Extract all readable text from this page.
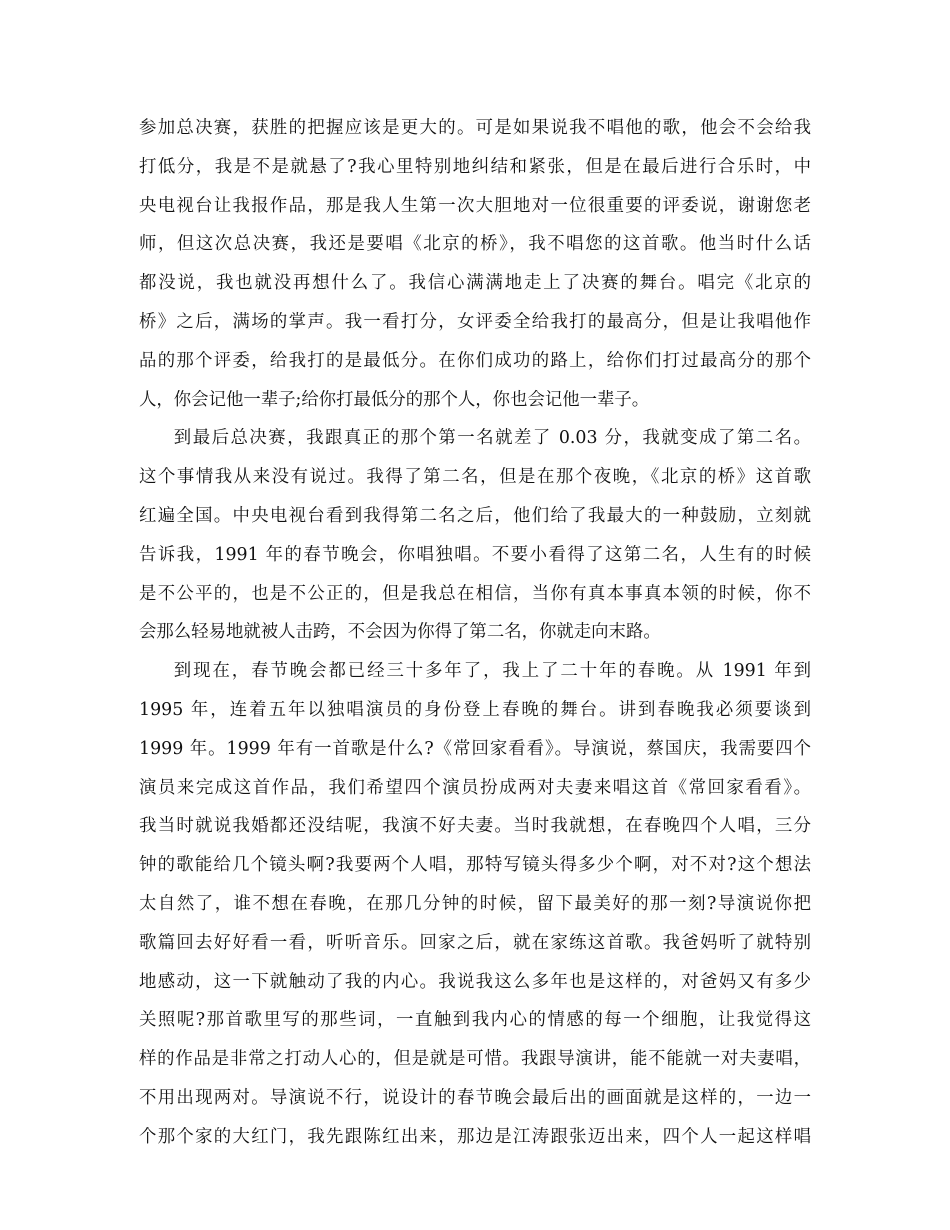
参加总决赛，获胜的把握应该是更大的。可是如果说我不唱他的歌，他会不会给我
打低分，我是不是就悬了?我心里特别地纠结和紧张，但是在最后进行合乐时，中
央电视台让我报作品，那是我人生第一次大胆地对一位很重要的评委说，谢谢您老
师，但这次总决赛，我还是要唱《北京的桥》，我不唱您的这首歌。他当时什么话
都没说，我也就没再想什么了。我信心满满地走上了决赛的舞台。唱完《北京的
桥》之后，满场的掌声。我一看打分，女评委全给我打的最高分，但是让我唱他作
品的那个评委，给我打的是最低分。在你们成功的路上，给你们打过最高分的那个
人，你会记他一辈子;给你打最低分的那个人，你也会记他一辈子。
到最后总决赛，我跟真正的那个第一名就差了 0.03 分，我就变成了第二名。
这个事情我从来没有说过。我得了第二名，但是在那个夜晚，《北京的桥》这首歌
红遍全国。中央电视台看到我得第二名之后，他们给了我最大的一种鼓励，立刻就
告诉我，1991 年的春节晚会，你唱独唱。不要小看得了这第二名，人生有的时候
是不公平的，也是不公正的，但是我总在相信，当你有真本事真本领的时候，你不
会那么轻易地就被人击跨，不会因为你得了第二名，你就走向末路。
到现在，春节晚会都已经三十多年了，我上了二十年的春晚。从 1991 年到
1995 年，连着五年以独唱演员的身份登上春晚的舞台。讲到春晚我必须要谈到
1999 年。1999 年有一首歌是什么?《常回家看看》。导演说，蔡国庆，我需要四个
演员来完成这首作品，我们希望四个演员扮成两对夫妻来唱这首《常回家看看》。
我当时就说我婚都还没结呢，我演不好夫妻。当时我就想，在春晚四个人唱，三分
钟的歌能给几个镜头啊?我要两个人唱，那特写镜头得多少个啊，对不对?这个想法
太自然了，谁不想在春晚，在那几分钟的时候，留下最美好的那一刻?导演说你把
歌篇回去好好看一看，听听音乐。回家之后，就在家练这首歌。我爸妈听了就特别
地感动，这一下就触动了我的内心。我说我这么多年也是这样的，对爸妈又有多少
关照呢?那首歌里写的那些词，一直触到我内心的情感的每一个细胞，让我觉得这
样的作品是非常之打动人心的，但是就是可惜。我跟导演讲，能不能就一对夫妻唱，
不用出现两对。导演说不行，说设计的春节晚会最后出的画面就是这样的，一边一
个那个家的大红门，我先跟陈红出来，那边是江涛跟张迈出来，四个人一起这样唱
